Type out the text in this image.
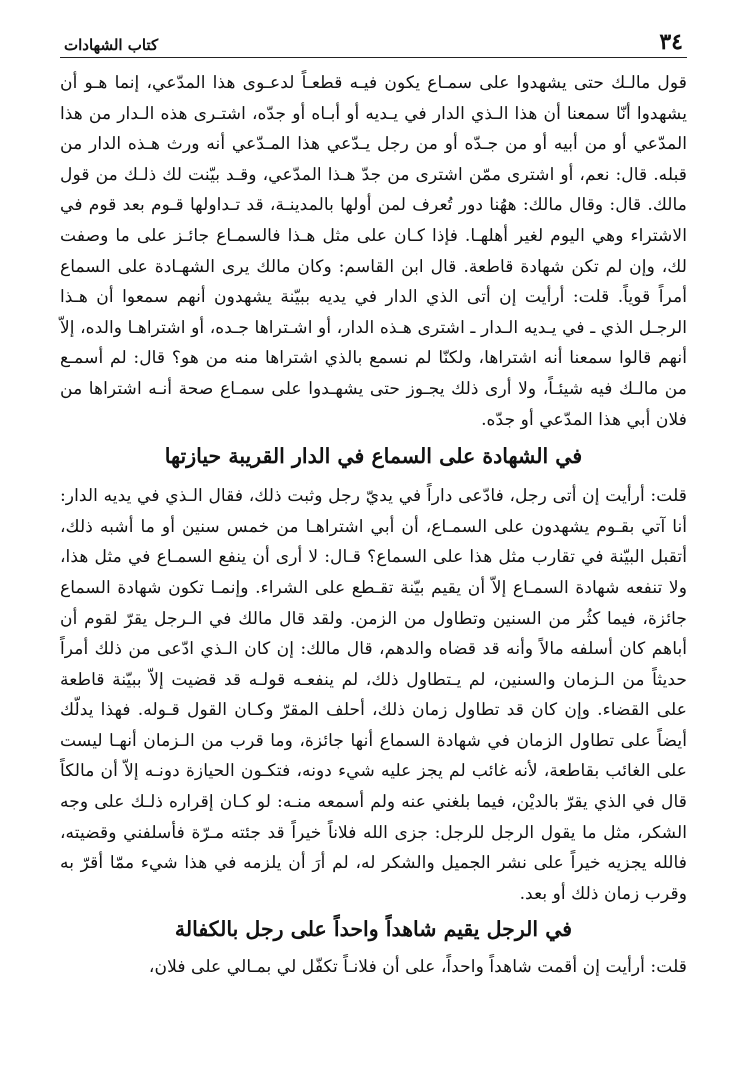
٣٤
كتاب الشهادات

قول مالـك حتى يشهدوا على سمـاع يكون فيـه قطعـاً لدعـوى هذا المدّعي، إنما هـو أن يشهدوا أنّا سمعنا أن هذا الـذي الدار في يـديه أو أبـاه أو جدّه، اشتـرى هذه الـدار من هذا المدّعي أو من أبيه أو من جـدّه أو من رجل يـدّعي هذا المـدّعي أنه ورث هـذه الدار من قبله. قال: نعم، أو اشترى ممّن اشترى من جدّ هـذا المدّعي، وقـد بيّنت لك ذلـك من قول مالك. قال: وقال مالك: ههُنا دور تُعرف لمن أولها بالمدينـة، قد تـداولها قـوم بعد قوم في الاشتراء وهي اليوم لغير أهلهـا. فإذا كـان على مثل هـذا فالسمـاع جائـز على ما وصفت لك، وإن لم تكن شهادة قاطعة. قال ابن القاسم: وكان مالك يرى الشهـادة على السماع أمراً قوياً. قلت: أرأيت إن أتى الذي الدار في يديه ببيّنة يشهدون أنهم سمعوا أن هـذا الرجـل الذي ـ في يـديه الـدار ـ اشترى هـذه الدار، أو اشـتراها جـده، أو اشتراهـا والده، إلاّ أنهم قالوا سمعنا أنه اشتراها، ولكنّا لم نسمع بالذي اشتراها منه من هو؟ قال: لم أسمـع من مالـك فيه شيئـاً، ولا أرى ذلك يجـوز حتى يشهـدوا على سمـاع صحة أنـه اشتراها من فلان أبي هذا المدّعي أو جدّه.

في الشهادة على السماع في الدار القريبة حيازتها

قلت: أرأيت إن أتى رجل، فادّعى داراً في يديّ رجل وثبت ذلك، فقال الـذي في يديه الدار: أنا آتي بقـوم يشهدون على السمـاع، أن أبي اشتراهـا من خمس سنين أو ما أشبه ذلك، أتقبل البيّنة في تقارب مثل هذا على السماع؟ قـال: لا أرى أن ينفع السمـاع في مثل هذا، ولا تنفعه شهادة السمـاع إلاّ أن يقيم بيّنة تقـطع على الشراء. وإنمـا تكون شهادة السماع جائزة، فيما كثُر من السنين وتطاول من الزمن. ولقد قال مالك في الـرجل يقرّ لقوم أن أباهم كان أسلفه مالاً وأنه قد قضاه والدهم، قال مالك: إن كان الـذي ادّعى من ذلك أمراً حديثاً من الـزمان والسنين، لم يـتطاول ذلك، لم ينفعـه قولـه قد قضيت إلاّ ببيّنة قاطعة على القضاء. وإن كان قد تطاول زمان ذلك، أحلف المقرّ وكـان القول قـوله. فهذا يدلّك أيضاً على تطاول الزمان في شهادة السماع أنها جائزة، وما قرب من الـزمان أنهـا ليست على الغائب بقاطعة، لأنه غائب لم يجز عليه شيء دونه، فتكـون الحيازة دونـه إلاّ أن مالكاً قال في الذي يقرّ بالديْن، فيما بلغني عنه ولم أسمعه منـه: لو كـان إقراره ذلـك على وجه الشكر، مثل ما يقول الرجل للرجل: جزى الله فلاناً خيراً قد جئته مـرّة فأسلفني وقضيته، فالله يجزيه خيراً على نشر الجميل والشكر له، لم أرَ أن يلزمه في هذا شيء ممّا أقرّ به وقرب زمان ذلك أو بعد.

في الرجل يقيم شاهداً واحداً على رجل بالكفالة

قلت: أرأيت إن أقمت شاهداً واحداً، على أن فلانـاً تكفّل لي بمـالي على فلان،
